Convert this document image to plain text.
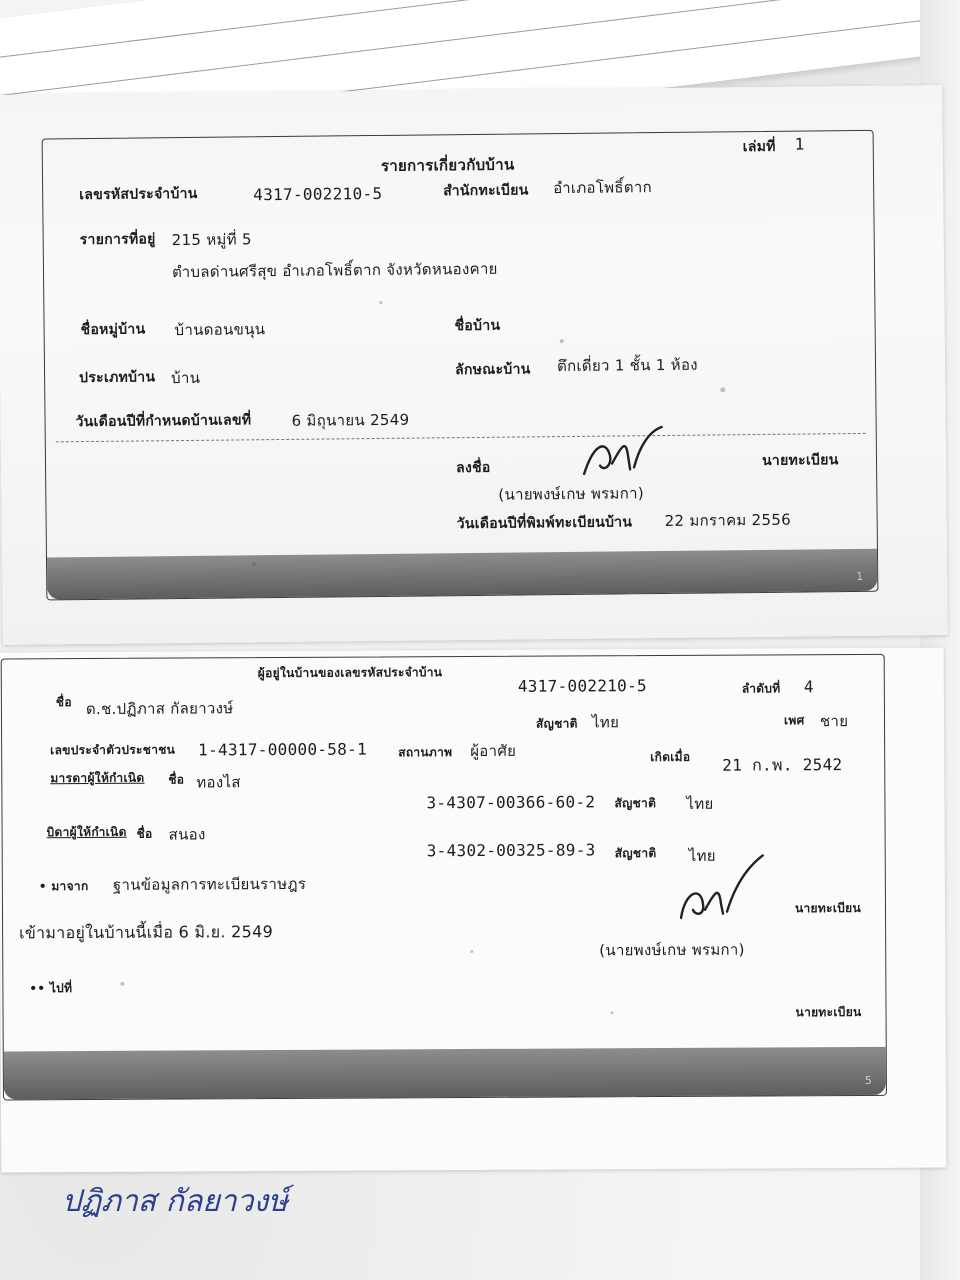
เล่มที่ 1
รายการเกี่ยวกับบ้าน
เลขรหัสประจำบ้าน	4317-002210-5	สำนักทะเบียน อำเภอโพธิ์ตาก
รายการที่อยู่ 215 หมู่ที่ 5
ตำบลด่านศรีสุข อำเภอโพธิ์ตาก จังหวัดหนองคาย
ชื่อหมู่บ้าน บ้านดอนขนุน	ชื่อบ้าน
ประเภทบ้าน บ้าน	ลักษณะบ้าน ตึกเดี่ยว 1 ชั้น 1 ห้อง
วันเดือนปีที่กำหนดบ้านเลขที่	6 มิถุนายน 2549
ลงชื่อ	นายทะเบียน
(นายพงษ์เกษ พรมกา)
วันเดือนปีที่พิมพ์ทะเบียนบ้าน 22 มกราคม 2556
1
ผู้อยู่ในบ้านของเลขรหัสประจำบ้าน
4317-002210-5	ลำดับที่ 4
ชื่อ ด.ช.ปฏิภาส กัลยาวงษ์
สัญชาติ ไทย	เพศ ชาย
เลขประจำตัวประชาชน 1-4317-00000-58-1	สถานภาพ ผู้อาศัย	เกิดเมื่อ 21 ก.พ. 2542
มารดาผู้ให้กำเนิด ชื่อ ทองไส
3-4307-00366-60-2 สัญชาติ ไทย
บิดาผู้ให้กำเนิด ชื่อ สนอง
3-4302-00325-89-3 สัญชาติ ไทย
• มาจาก ฐานข้อมูลการทะเบียนราษฎร
นายทะเบียน
เข้ามาอยู่ในบ้านนี้เมื่อ 6 มิ.ย. 2549
(นายพงษ์เกษ พรมกา)
•• ไปที่
นายทะเบียน
5
ปฏิภาส กัลยาวงษ์
